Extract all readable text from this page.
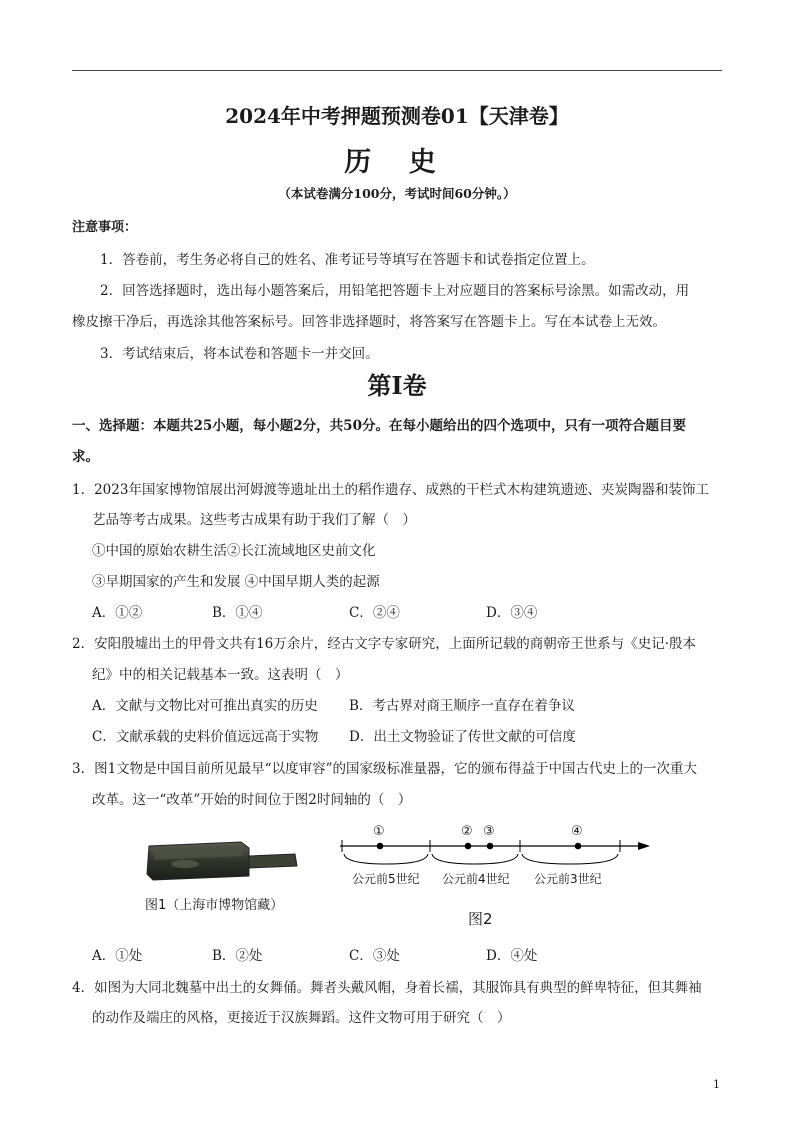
2024年中考押题预测卷01【天津卷】
历 史
（本试卷满分100分，考试时间60分钟。）
注意事项：
1．答卷前，考生务必将自己的姓名、准考证号等填写在答题卡和试卷指定位置上。
2．回答选择题时，选出每小题答案后，用铅笔把答题卡上对应题目的答案标号涂黑。如需改动，用
橡皮擦干净后，再选涂其他答案标号。回答非选择题时，将答案写在答题卡上。写在本试卷上无效。
3．考试结束后，将本试卷和答题卡一并交回。
第Ⅰ卷
一、选择题：本题共25小题，每小题2分，共50分。在每小题给出的四个选项中，只有一项符合题目要
求。
1．2023年国家博物馆展出河姆渡等遗址出土的稻作遗存、成熟的干栏式木构建筑遗迹、夹炭陶器和装饰工
艺品等考古成果。这些考古成果有助于我们了解（　）
①中国的原始农耕生活②长江流域地区史前文化
③早期国家的产生和发展 ④中国早期人类的起源
A．①②	B．①④	C．②④	D．③④
2．安阳殷墟出土的甲骨文共有16万余片，经古文字专家研究，上面所记载的商朝帝王世系与《史记·殷本
纪》中的相关记载基本一致。这表明（　）
A．文献与文物比对可推出真实的历史 B．考古界对商王顺序一直存在着争议
C．文献承载的史料价值远远高于实物 D．出土文物验证了传世文献的可信度
3．图1文物是中国目前所见最早“以度审容”的国家级标准量器，它的颁布得益于中国古代史上的一次重大
改革。这一“改革”开始的时间位于图2时间轴的（　）
图1（上海市博物馆藏）
①	② ③	④
公元前5世纪 公元前4世纪 公元前3世纪
图2
A．①处	B．②处	C．③处	D．④处
4．如图为大同北魏墓中出土的女舞俑。舞者头戴风帽，身着长襦，其服饰具有典型的鲜卑特征，但其舞袖
的动作及端庄的风格，更接近于汉族舞蹈。这件文物可用于研究（　）
1
